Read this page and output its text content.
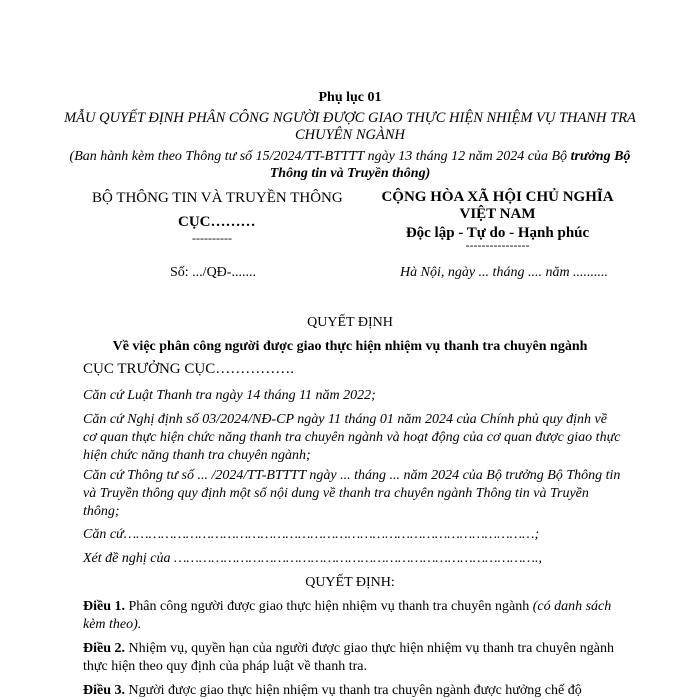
Phụ lục 01

MẪU QUYẾT ĐỊNH PHÂN CÔNG NGƯỜI ĐƯỢC GIAO THỰC HIỆN NHIỆM VỤ THANH TRA CHUYÊN NGÀNH

(Ban hành kèm theo Thông tư số 15/2024/TT-BTTTT ngày 13 tháng 12 năm 2024 của Bộ trưởng Bộ Thông tin và Truyền thông)

BỘ THÔNG TIN VÀ TRUYỀN THÔNG

CỤC………

----------

CỘNG HÒA XÃ HỘI CHỦ NGHĨA VIỆT NAM

Độc lập - Tự do - Hạnh phúc

----------------

Số: .../QĐ-.......	Hà Nội, ngày ... tháng .... năm ..........

QUYẾT ĐỊNH

Về việc phân công người được giao thực hiện nhiệm vụ thanh tra chuyên ngành

CỤC TRƯỞNG CỤC…………….

Căn cứ Luật Thanh tra ngày 14 tháng 11 năm 2022;

Căn cứ Nghị định số 03/2024/NĐ-CP ngày 11 tháng 01 năm 2024 của Chính phủ quy định về cơ quan thực hiện chức năng thanh tra chuyên ngành và hoạt động của cơ quan được giao thực hiện chức năng thanh tra chuyên ngành;

Căn cứ Thông tư số ... /2024/TT-BTTTT ngày ... tháng ... năm 2024 của Bộ trưởng Bộ Thông tin và Truyền thông quy định một số nội dung về thanh tra chuyên ngành Thông tin và Truyền thông;

Căn cứ………………………………………………………………………………………;

Xét đề nghị của …………………………………………………………………………….,

QUYẾT ĐỊNH:

Điều 1. Phân công người được giao thực hiện nhiệm vụ thanh tra chuyên ngành (có danh sách kèm theo).

Điều 2. Nhiệm vụ, quyền hạn của người được giao thực hiện nhiệm vụ thanh tra chuyên ngành thực hiện theo quy định của pháp luật về thanh tra.

Điều 3. Người được giao thực hiện nhiệm vụ thanh tra chuyên ngành được hưởng chế độ
